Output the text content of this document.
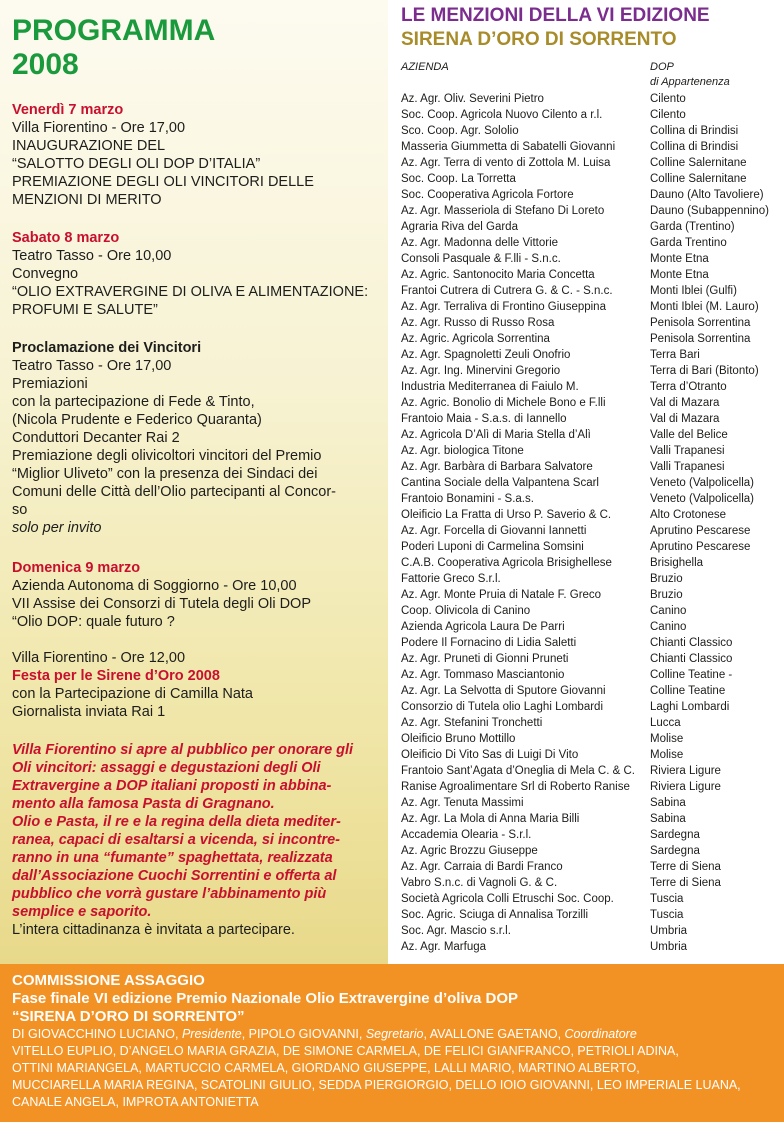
PROGRAMMA
2008
Venerdì 7 marzo
Villa Fiorentino - Ore 17,00
INAUGURAZIONE DEL
“SALOTTO DEGLI OLI DOP D’ITALIA”
PREMIAZIONE DEGLI OLI VINCITORI DELLE
MENZIONI DI MERITO
Sabato 8 marzo
Teatro Tasso - Ore 10,00
Convegno
“OLIO EXTRAVERGINE DI OLIVA E ALIMENTAZIONE:
PROFUMI E SALUTE”
Proclamazione dei Vincitori
Teatro Tasso - Ore 17,00
Premiazioni
con la partecipazione di Fede & Tinto,
(Nicola Prudente e Federico Quaranta)
Conduttori Decanter Rai 2
Premiazione degli olivicoltori vincitori del Premio
“Miglior Uliveto” con la presenza dei Sindaci dei
Comuni delle Città dell’Olio partecipanti al Concor-
so
solo per invito
Domenica 9 marzo
Azienda Autonoma di Soggiorno - Ore 10,00
VII Assise dei Consorzi di Tutela degli Oli DOP
“Olio DOP: quale futuro ?
Villa Fiorentino - Ore 12,00
Festa per le Sirene d’Oro 2008
con la Partecipazione di Camilla Nata
Giornalista inviata Rai 1
Villa Fiorentino si apre al pubblico per onorare gli
Oli vincitori: assaggi e degustazioni degli Oli
Extravergine a DOP italiani proposti in abbina-
mento alla famosa Pasta di Gragnano.
Olio e Pasta, il re e la regina della dieta mediter-
ranea, capaci di esaltarsi a vicenda, si incontre-
ranno in una “fumante” spaghettata, realizzata
dall’Associazione Cuochi Sorrentini e offerta al
pubblico che vorrà gustare l’abbinamento più
semplice e saporito.
L’intera cittadinanza è invitata a partecipare.
LE MENZIONI DELLA VI EDIZIONE
SIRENA D’ORO DI SORRENTO
AZIENDA	DOP
di Appartenenza
Az. Agr. Oliv. Severini Pietro	Cilento
Soc. Coop. Agricola Nuovo Cilento a r.l.	Cilento
Sco. Coop. Agr. Sololio	Collina di Brindisi
Masseria Giummetta di Sabatelli Giovanni	Collina di Brindisi
Az. Agr. Terra di vento di Zottola M. Luisa	Colline Salernitane
Soc. Coop. La Torretta	Colline Salernitane
Soc. Cooperativa Agricola Fortore	Dauno (Alto Tavoliere)
Az. Agr. Masseriola di Stefano Di Loreto	Dauno (Subappennino)
Agraria Riva del Garda	Garda (Trentino)
Az. Agr. Madonna delle Vittorie	Garda Trentino
Consoli Pasquale & F.lli - S.n.c.	Monte Etna
Az. Agric. Santonocito Maria Concetta	Monte Etna
Frantoi Cutrera di Cutrera G. & C. - S.n.c.	Monti Iblei (Gulfi)
Az. Agr. Terraliva di Frontino Giuseppina	Monti Iblei (M. Lauro)
Az. Agr. Russo di Russo Rosa	Penisola Sorrentina
Az. Agric. Agricola Sorrentina	Penisola Sorrentina
Az. Agr. Spagnoletti Zeuli Onofrio	Terra Bari
Az. Agr. Ing. Minervini Gregorio	Terra di Bari (Bitonto)
Industria Mediterranea di Faiulo M.	Terra d’Otranto
Az. Agric. Bonolio di Michele Bono e F.lli	Val di Mazara
Frantoio Maia - S.a.s. di Iannello	Val di Mazara
Az. Agricola D’Alì di Maria Stella d’Alì	Valle del Belice
Az. Agr. biologica Titone	Valli Trapanesi
Az. Agr. Barbàra di Barbara Salvatore	Valli Trapanesi
Cantina Sociale della Valpantena Scarl	Veneto (Valpolicella)
Frantoio Bonamini - S.a.s.	Veneto (Valpolicella)
Oleificio La Fratta di Urso P. Saverio & C.	Alto Crotonese
Az. Agr. Forcella di Giovanni Iannetti	Aprutino Pescarese
Poderi Luponi di Carmelina Somsini	Aprutino Pescarese
C.A.B. Cooperativa Agricola Brisighellese	Brisighella
Fattorie Greco S.r.l.	Bruzio
Az. Agr. Monte Pruia di Natale F. Greco	Bruzio
Coop. Olivicola di Canino	Canino
Azienda Agricola Laura De Parri	Canino
Podere Il Fornacino di Lidia Saletti	Chianti Classico
Az. Agr. Pruneti di Gionni Pruneti	Chianti Classico
Az. Agr. Tommaso Masciantonio	Colline Teatine -
Az. Agr. La Selvotta di Sputore Giovanni	Colline Teatine
Consorzio di Tutela olio Laghi Lombardi	Laghi Lombardi
Az. Agr. Stefanini Tronchetti	Lucca
Oleificio Bruno Mottillo	Molise
Oleificio Di Vito Sas di Luigi Di Vito	Molise
Frantoio Sant’Agata d’Oneglia di Mela C. & C.	Riviera Ligure
Ranise Agroalimentare Srl di Roberto Ranise	Riviera Ligure
Az. Agr. Tenuta Massimi	Sabina
Az. Agr. La Mola di Anna Maria Billi	Sabina
Accademia Olearia - S.r.l.	Sardegna
Az. Agric Brozzu Giuseppe	Sardegna
Az. Agr. Carraia di Bardi Franco	Terre di Siena
Vabro S.n.c. di Vagnoli G. & C.	Terre di Siena
Società Agricola Colli Etruschi Soc. Coop.	Tuscia
Soc. Agric. Sciuga di Annalisa Torzilli	Tuscia
Soc. Agr. Mascio s.r.l.	Umbria
Az. Agr. Marfuga	Umbria
COMMISSIONE ASSAGGIO
Fase finale VI edizione Premio Nazionale Olio Extravergine d’oliva DOP
“SIRENA D’ORO DI SORRENTO”
DI GIOVACCHINO LUCIANO, Presidente, PIPOLO GIOVANNI, Segretario, AVALLONE GAETANO, Coordinatore
VITELLO EUPLIO, D’ANGELO MARIA GRAZIA, DE SIMONE CARMELA, DE FELICI GIANFRANCO, PETRIOLI ADINA,
OTTINI MARIANGELA, MARTUCCIO CARMELA, GIORDANO GIUSEPPE, LALLI MARIO, MARTINO ALBERTO,
MUCCIARELLA MARIA REGINA, SCATOLINI GIULIO, SEDDA PIERGIORGIO, DELLO IOIO GIOVANNI, LEO IMPERIALE LUANA,
CANALE ANGELA, IMPROTA ANTONIETTA
